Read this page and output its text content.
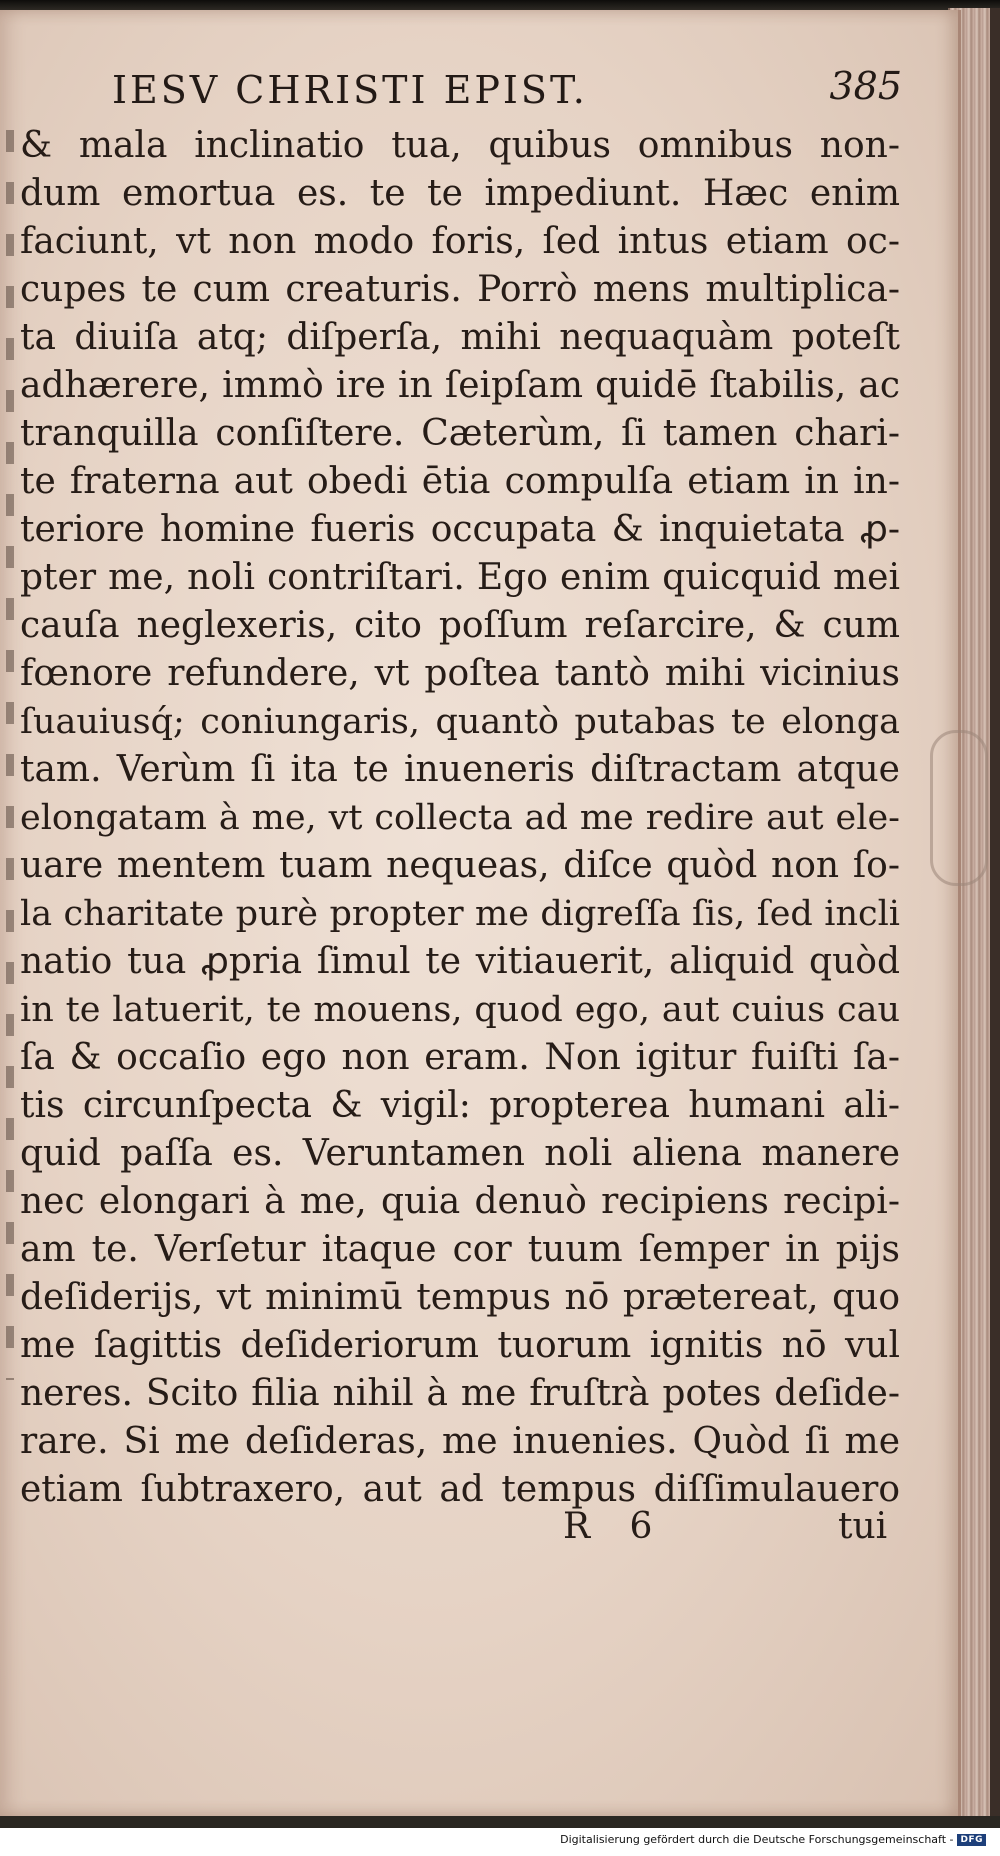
IESV CHRISTI EPIST.	385
& mala inclinatio tua, quibus omnibus non-
dum emortua es. te te impediunt. Hæc enim
faciunt, vt non modo foris, ſed intus etiam oc-
cupes te cum creaturis. Porrò mens multiplica-
ta diuiſa atq; diſperſa, mihi nequaquàm poteſt
adhærere, immò ire in ſeipſam quidē ſtabilis, ac
tranquilla conſiſtere. Cæterùm, ſi tamen chari-
te fraterna aut obedi ētia compulſa etiam in in-
teriore homine fueris occupata & inquietata ꝓ-
pter me, noli contriſtari. Ego enim quicquid mei
cauſa neglexeris, cito poſſum reſarcire, & cum
fœnore refundere, vt poſtea tantò mihi vicinius
ſuauiusq́; coniungaris, quantò putabas te elonga
tam. Verùm ſi ita te inueneris diſtractam atque
elongatam à me, vt collecta ad me redire aut ele-
uare mentem tuam nequeas, diſce quòd non ſo-
la charitate purè propter me digreſſa ſis, ſed incli
natio tua ꝓpria ſimul te vitiauerit, aliquid quòd
in te latuerit, te mouens, quod ego, aut cuius cau
ſa & occaſio ego non eram. Non igitur fuiſti ſa-
tis circunſpecta & vigil: propterea humani ali-
quid paſſa es. Veruntamen noli aliena manere
nec elongari à me, quia denuò recipiens recipi-
am te. Verſetur itaque cor tuum ſemper in pijs
deſiderijs, vt minimū tempus nō prætereat, quo
me ſagittis deſideriorum tuorum ignitis nō vul
neres. Scito filia nihil à me fruſtrà potes deſide-
rare. Si me deſideras, me inuenies. Quòd ſi me
etiam ſubtraxero, aut ad tempus diſſimulauero
R 6	tui
Digitalisierung gefördert durch die Deutsche Forschungsgemeinschaft - DFG
